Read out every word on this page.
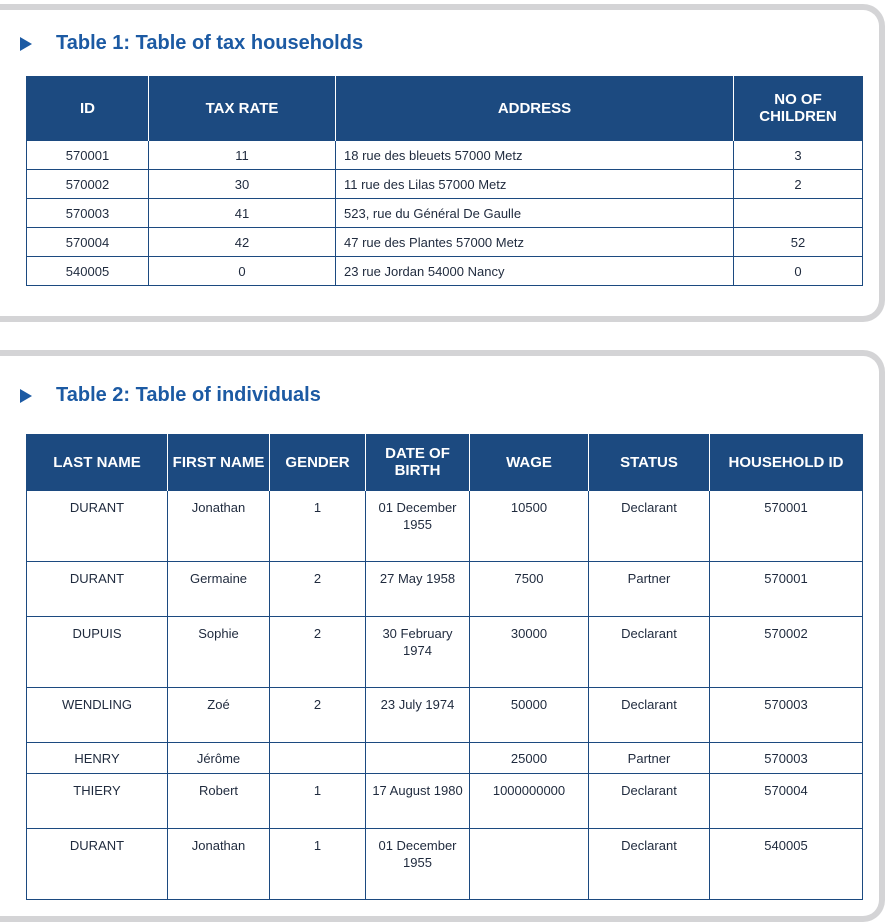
Table 1: Table of tax households
ID	TAX RATE	ADDRESS	NO OF CHILDREN
570001	11	18 rue des bleuets 57000 Metz	3
570002	30	11 rue des Lilas 57000 Metz	2
570003	41	523, rue du Général De Gaulle	
570004	42	47 rue des Plantes 57000 Metz	52
540005	0	23 rue Jordan 54000 Nancy	0
Table 2: Table of individuals
LAST NAME	FIRST NAME	GENDER	DATE OF BIRTH	WAGE	STATUS	HOUSEHOLD ID
DURANT	Jonathan	1	01 December 1955	10500	Declarant	570001
DURANT	Germaine	2	27 May 1958	7500	Partner	570001
DUPUIS	Sophie	2	30 February 1974	30000	Declarant	570002
WENDLING	Zoé	2	23 July 1974	50000	Declarant	570003
HENRY	Jérôme			25000	Partner	570003
THIERY	Robert	1	17 August 1980	1000000000	Declarant	570004
DURANT	Jonathan	1	01 December 1955		Declarant	540005
